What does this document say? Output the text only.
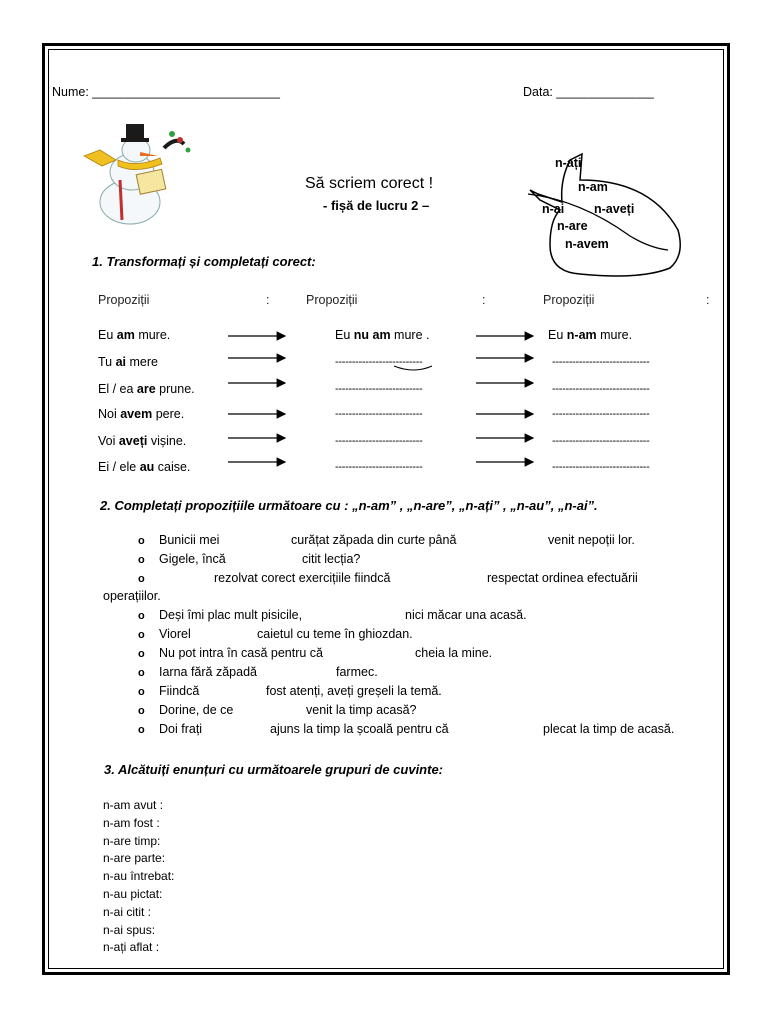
Nume: ___________________________	Data: ______________
Să scriem corect !
- fișă de lucru 2 –
n-ați
n-am
n-ai n-aveți
n-are
n-avem
1. Transformați și completați corect:
Propoziții	:	Propoziții	:	Propoziții	:
Eu am mure.	Eu nu am mure .	Eu n-am mure.
Tu ai mere	--------------------------	-----------------------------
El / ea are prune.	--------------------------	-----------------------------
Noi avem pere.	--------------------------	-----------------------------
Voi aveți vișine.	--------------------------	-----------------------------
Ei / ele au caise.	--------------------------	-----------------------------
2. Completați propozițiile următoare cu : „n-am” , „n-are”, „n-ați” , „n-au”, „n-ai”.
o Bunicii mei	curățat zăpada din curte până	venit nepoții lor.
o Gigele, încă	citit lecția?
o	rezolvat corect exercițiile fiindcă	respectat ordinea efectuării
operațiilor.
o Deși îmi plac mult pisicile,	nici măcar una acasă.
o Viorel	caietul cu teme în ghiozdan.
o Nu pot intra în casă pentru că	cheia la mine.
o Iarna fără zăpadă	farmec.
o Fiindcă	fost atenți, aveți greșeli la temă.
o Dorine, de ce	venit la timp acasă?
o Doi frați	ajuns la timp la școală pentru că	plecat la timp de acasă.
3. Alcătuiți enunțuri cu următoarele grupuri de cuvinte:
n-am avut :
n-am fost :
n-are timp:
n-are parte:
n-au întrebat:
n-au pictat:
n-ai citit :
n-ai spus:
n-ați aflat :
